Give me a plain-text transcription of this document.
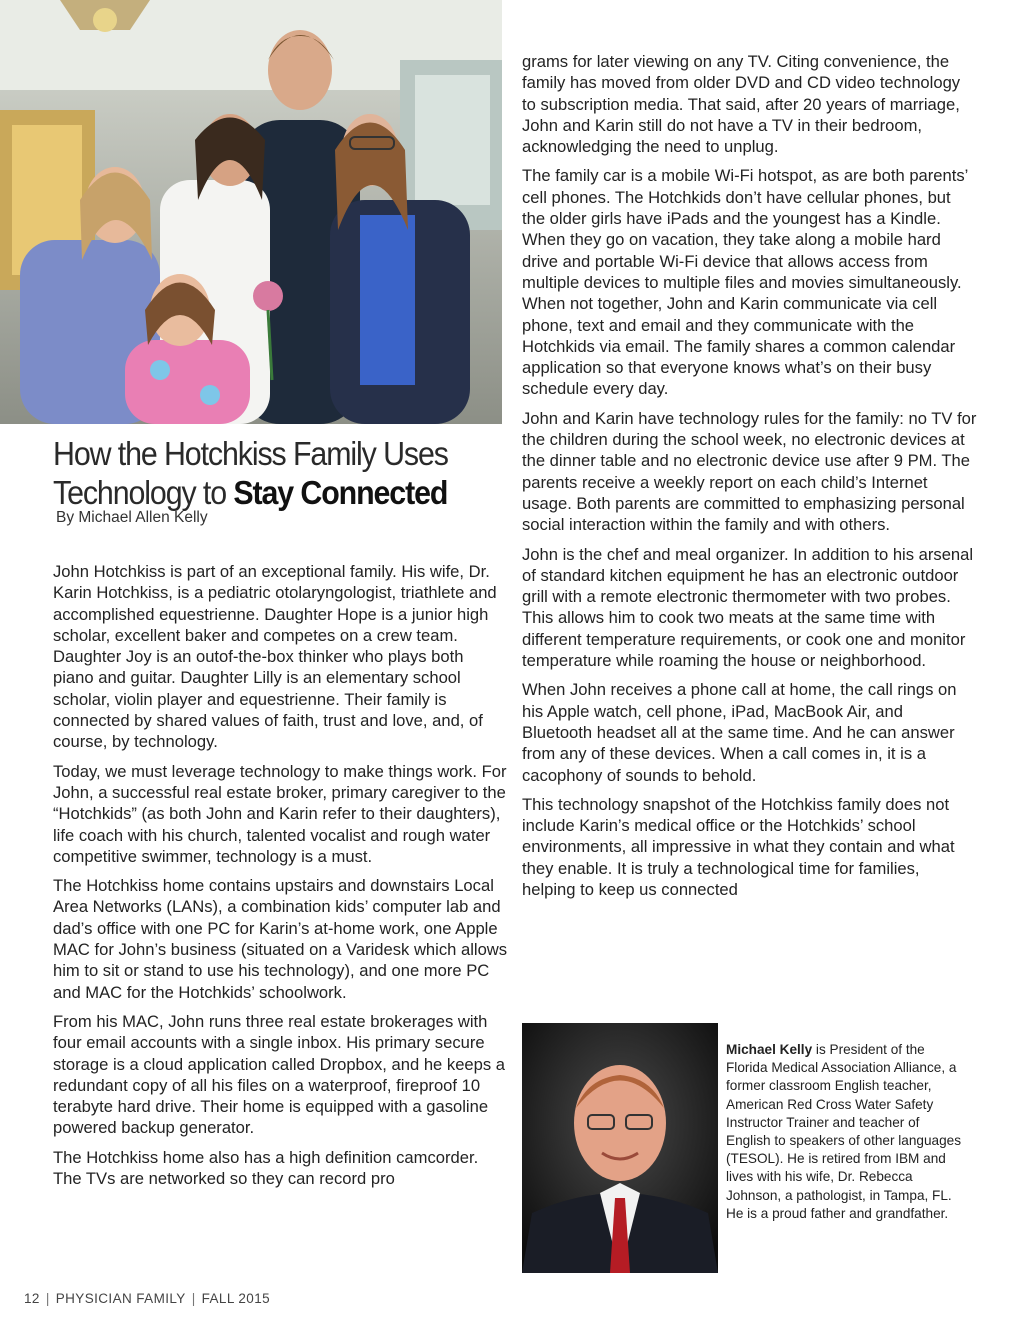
How the Hotchkiss Family Uses
Technology to Stay Connected
By Michael Allen Kelly

John Hotchkiss is part of an exceptional family. His wife, Dr. Karin Hotchkiss, is a pediatric otolaryngologist, triathlete and accomplished equestrienne. Daughter Hope is a junior high scholar, excellent baker and competes on a crew team. Daughter Joy is an outof-the-box thinker who plays both piano and guitar. Daughter Lilly is an elementary school scholar, violin player and equestrienne. Their family is connected by shared values of faith, trust and love, and, of course, by technology.

Today, we must leverage technology to make things work. For John, a successful real estate broker, primary caregiver to the “Hotchkids” (as both John and Karin refer to their daughters), life coach with his church, talented vocalist and rough water competitive swimmer, technology is a must.

The Hotchkiss home contains upstairs and downstairs Local Area Networks (LANs), a combination kids’ computer lab and dad’s office with one PC for Karin’s at-home work, one Apple MAC for John’s business (situated on a Varidesk which allows him to sit or stand to use his technology), and one more PC and MAC for the Hotchkids’ schoolwork.

From his MAC, John runs three real estate brokerages with four email accounts with a single inbox. His primary secure storage is a cloud application called Dropbox, and he keeps a redundant copy of all his files on a waterproof, fireproof 10 terabyte hard drive. Their home is equipped with a gasoline powered backup generator.

The Hotchkiss home also has a high definition camcorder. The TVs are networked so they can record pro

grams for later viewing on any TV. Citing convenience, the family has moved from older DVD and CD video technology to subscription media. That said, after 20 years of marriage, John and Karin still do not have a TV in their bedroom, acknowledging the need to unplug.

The family car is a mobile Wi-Fi hotspot, as are both parents’ cell phones. The Hotchkids don’t have cellular phones, but the older girls have iPads and the youngest has a Kindle. When they go on vacation, they take along a mobile hard drive and portable Wi-Fi device that allows access from multiple devices to multiple files and movies simultaneously. When not together, John and Karin communicate via cell phone, text and email and they communicate with the Hotchkids via email. The family shares a common calendar application so that everyone knows what’s on their busy schedule every day.

John and Karin have technology rules for the family: no TV for the children during the school week, no electronic devices at the dinner table and no electronic device use after 9 PM. The parents receive a weekly report on each child’s Internet usage. Both parents are committed to emphasizing personal social interaction within the family and with others.

John is the chef and meal organizer. In addition to his arsenal of standard kitchen equipment he has an electronic outdoor grill with a remote electronic thermometer with two probes. This allows him to cook two meats at the same time with different temperature requirements, or cook one and monitor temperature while roaming the house or neighborhood.

When John receives a phone call at home, the call rings on his Apple watch, cell phone, iPad, MacBook Air, and Bluetooth headset all at the same time. And he can answer from any of these devices. When a call comes in, it is a cacophony of sounds to behold.

This technology snapshot of the Hotchkiss family does not include Karin’s medical office or the Hotchkids’ school environments, all impressive in what they contain and what they enable. It is truly a technological time for families, helping to keep us connected

Michael Kelly is President of the Florida Medical Association Alliance, a former classroom English teacher, American Red Cross Water Safety Instructor Trainer and teacher of English to speakers of other languages (TESOL). He is retired from IBM and lives with his wife, Dr. Rebecca Johnson, a pathologist, in Tampa, FL. He is a proud father and grandfather.
12 | PHYSICIAN FAMILY | FALL 2015
